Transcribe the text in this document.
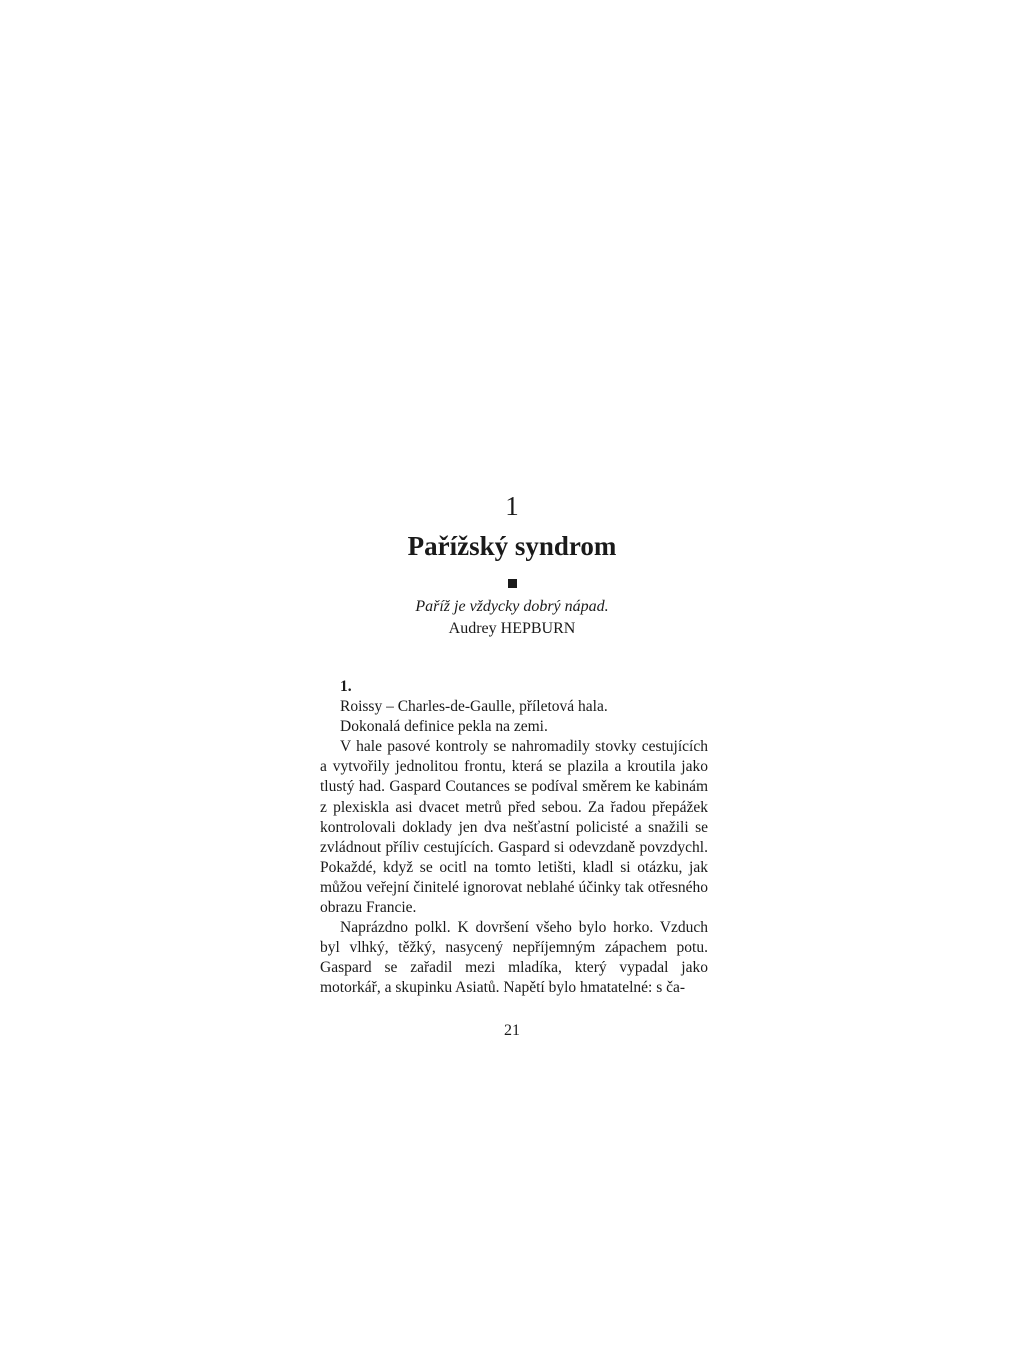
1
Pařížský syndrom
Paříž je vždycky dobrý nápad.
Audrey HEPBURN

1.

Roissy – Charles-de-Gaulle, příletová hala.

Dokonalá definice pekla na zemi.

V hale pasové kontroly se nahromadily stovky cestujících a vytvořily jednolitou frontu, která se plazila a kroutila jako tlustý had. Gaspard Coutances se podíval směrem ke kabinám z plexiskla asi dvacet metrů před sebou. Za řadou přepážek kontrolovali doklady jen dva nešťastní policisté a snažili se zvládnout příliv cestujících. Gaspard si odevzdaně povzdychl. Pokaždé, když se ocitl na tomto letišti, kladl si otázku, jak můžou veřejní činitelé ignorovat neblahé účinky tak otřesného obrazu Francie.

Naprázdno polkl. K dovršení všeho bylo horko. Vzduch byl vlhký, těžký, nasycený nepříjemným zápachem potu. Gaspard se zařadil mezi mladíka, který vypadal jako motorkář, a skupinku Asiatů. Napětí bylo hmatatelné: s ča-

21
